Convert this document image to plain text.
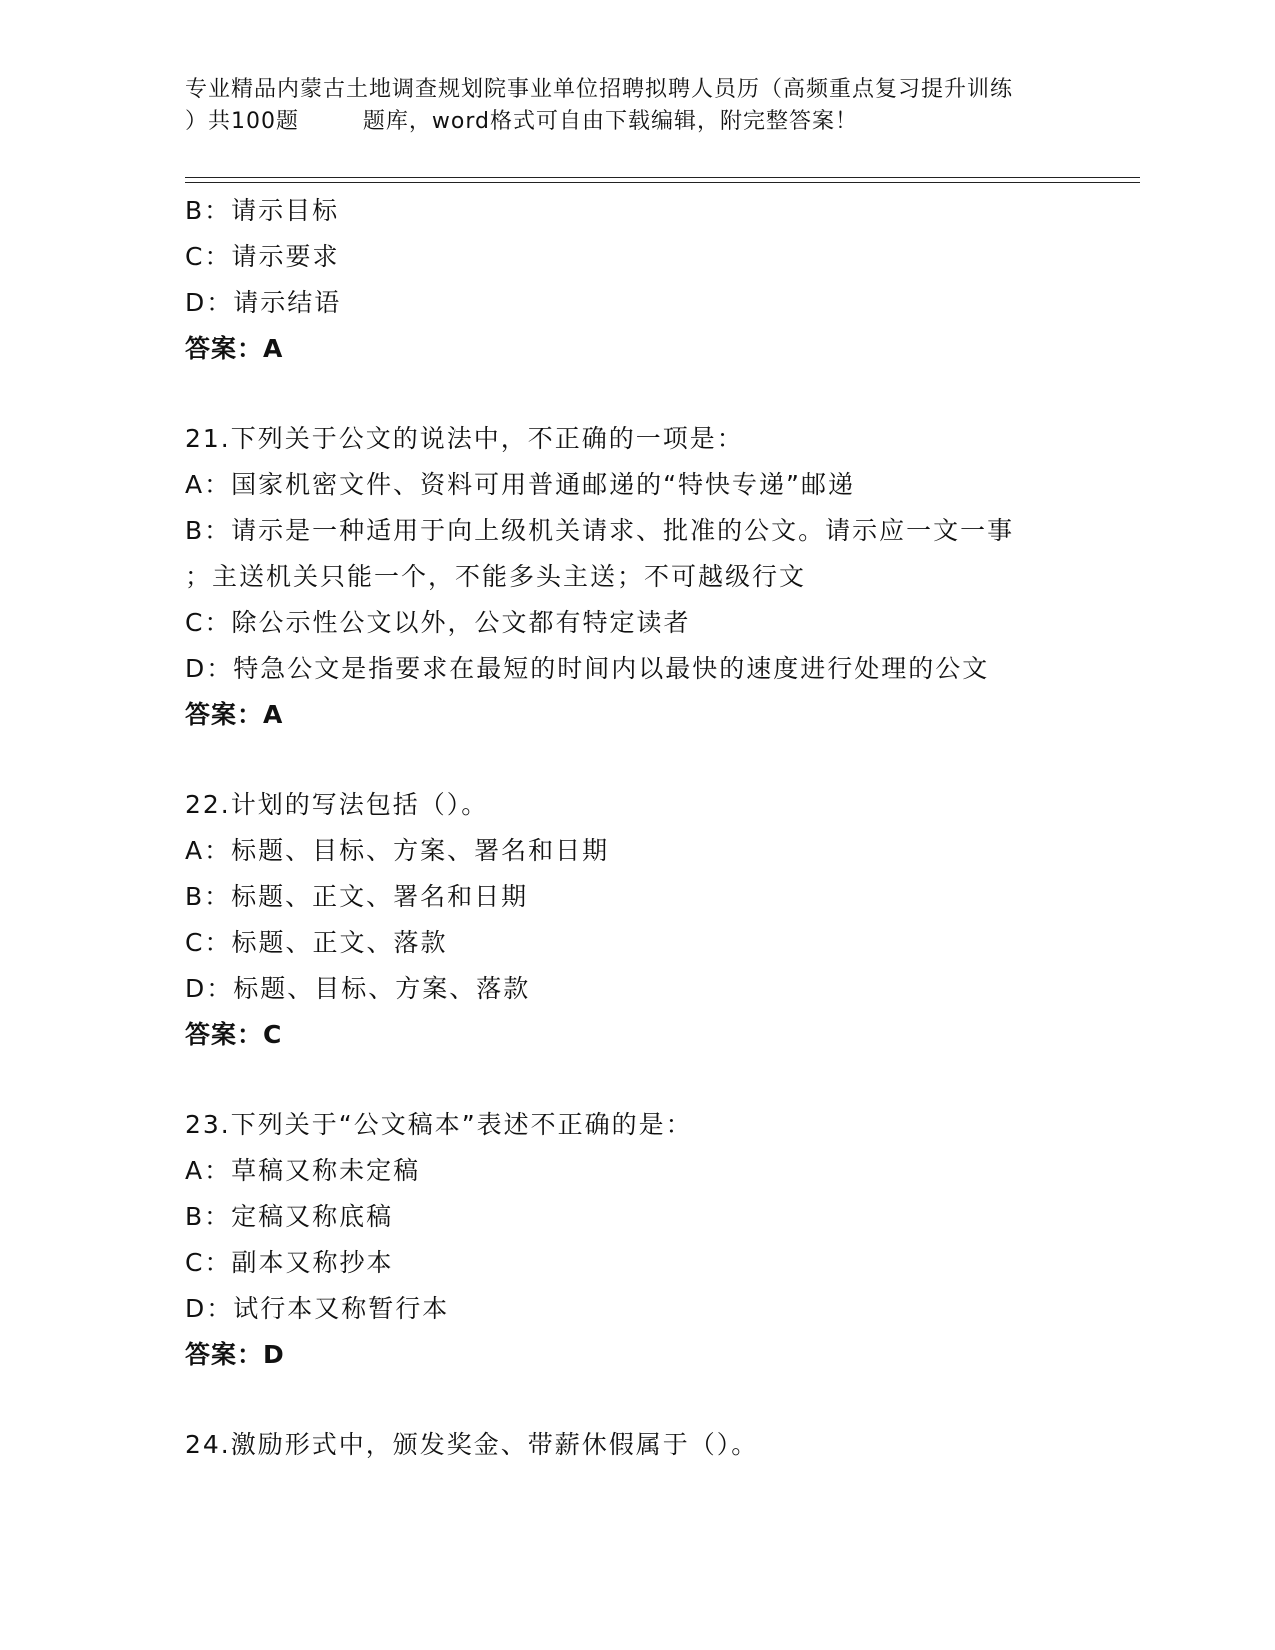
专业精品内蒙古土地调查规划院事业单位招聘拟聘人员历（高频重点复习提升训练
）共100题        题库，word格式可自由下载编辑，附完整答案！
B：请示目标
C：请示要求
D：请示结语
答案：A
21.下列关于公文的说法中，不正确的一项是：
A：国家机密文件、资料可用普通邮递的“特快专递”邮递
B：请示是一种适用于向上级机关请求、批准的公文。请示应一文一事
；主送机关只能一个，不能多头主送；不可越级行文
C：除公示性公文以外，公文都有特定读者
D：特急公文是指要求在最短的时间内以最快的速度进行处理的公文
答案：A
22.计划的写法包括（）。
A：标题、目标、方案、署名和日期
B：标题、正文、署名和日期
C：标题、正文、落款
D：标题、目标、方案、落款
答案：C
23.下列关于“公文稿本”表述不正确的是：
A：草稿又称未定稿
B：定稿又称底稿
C：副本又称抄本
D：试行本又称暂行本
答案：D
24.激励形式中，颁发奖金、带薪休假属于（）。
